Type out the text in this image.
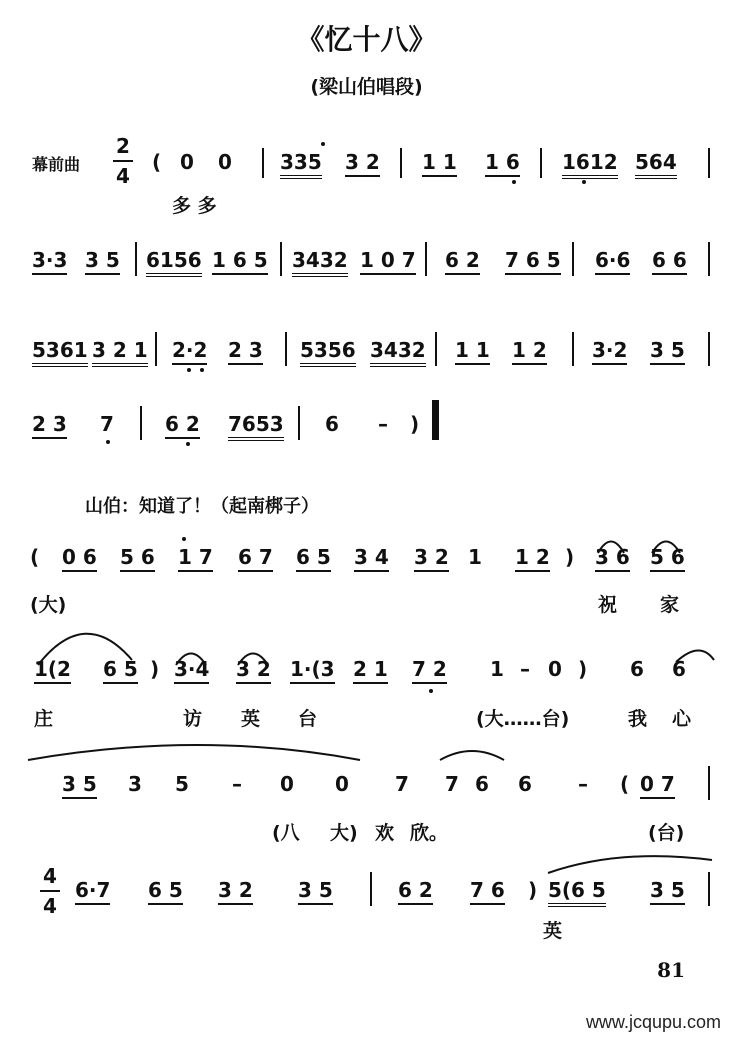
《忆十八》
(梁山伯唱段)
幕前曲
2
4
( 0 0 335 3 2 1 1 1 6 1612 564
多 多
3·3 3 5 6156 1 6 5 3432 1 0 7 6 2 7 6 5 6·6 6 6
5361 3 2 1 2·2 2 3 5356 3432 1 1 1 2 3·2 3 5
2 3 7	6 2 7653 6 – )
山伯：知道了！（起南梆子）
( 0 6 5 6 1 7 6 7 6 5 3 4 3 2 1 1 2 ) 3 6 5 6
(大)	祝 家
1(2 6 5 ) 3·4 3 2 1·(3 2 1 7 2 1 – 0 ) 6 6
庄	访 英 台	(大……台)	我 心
3 5 3 5 – 0 0 7 7 6 6 – ( 0 7
(八 大) 欢 欣。	(台)
4
4
6·7 6 5 3 2 3 5	6 2 7 6 ) 5(6 5 3 5
英
81
www.jcqupu.com
